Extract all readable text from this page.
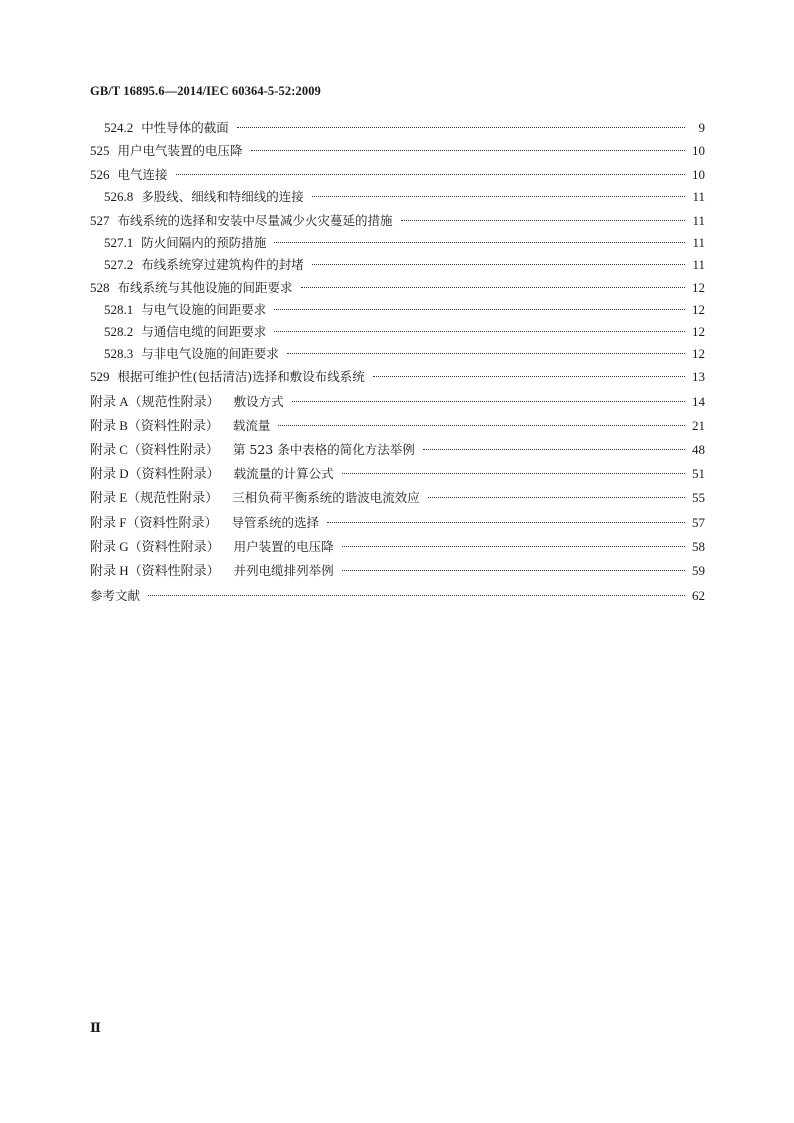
GB/T 16895.6—2014/IEC 60364-5-52:2009
524.2 中性导体的截面	9
525 用户电气装置的电压降	10
526 电气连接	10
526.8 多股线、细线和特细线的连接	11
527 布线系统的选择和安装中尽量减少火灾蔓延的措施	11
527.1 防火间隔内的预防措施	11
527.2 布线系统穿过建筑构件的封堵	11
528 布线系统与其他设施的间距要求	12
528.1 与电气设施的间距要求	12
528.2 与通信电缆的间距要求	12
528.3 与非电气设施的间距要求	12
529 根据可维护性(包括清洁)选择和敷设布线系统	13
附录 A（规范性附录） 敷设方式	14
附录 B（资料性附录） 载流量	21
附录 C（资料性附录） 第 523 条中表格的简化方法举例	48
附录 D（资料性附录） 载流量的计算公式	51
附录 E（规范性附录） 三相负荷平衡系统的谐波电流效应	55
附录 F（资料性附录） 导管系统的选择	57
附录 G（资料性附录） 用户装置的电压降	58
附录 H（资料性附录） 并列电缆排列举例	59
参考文献	62
Ⅱ
